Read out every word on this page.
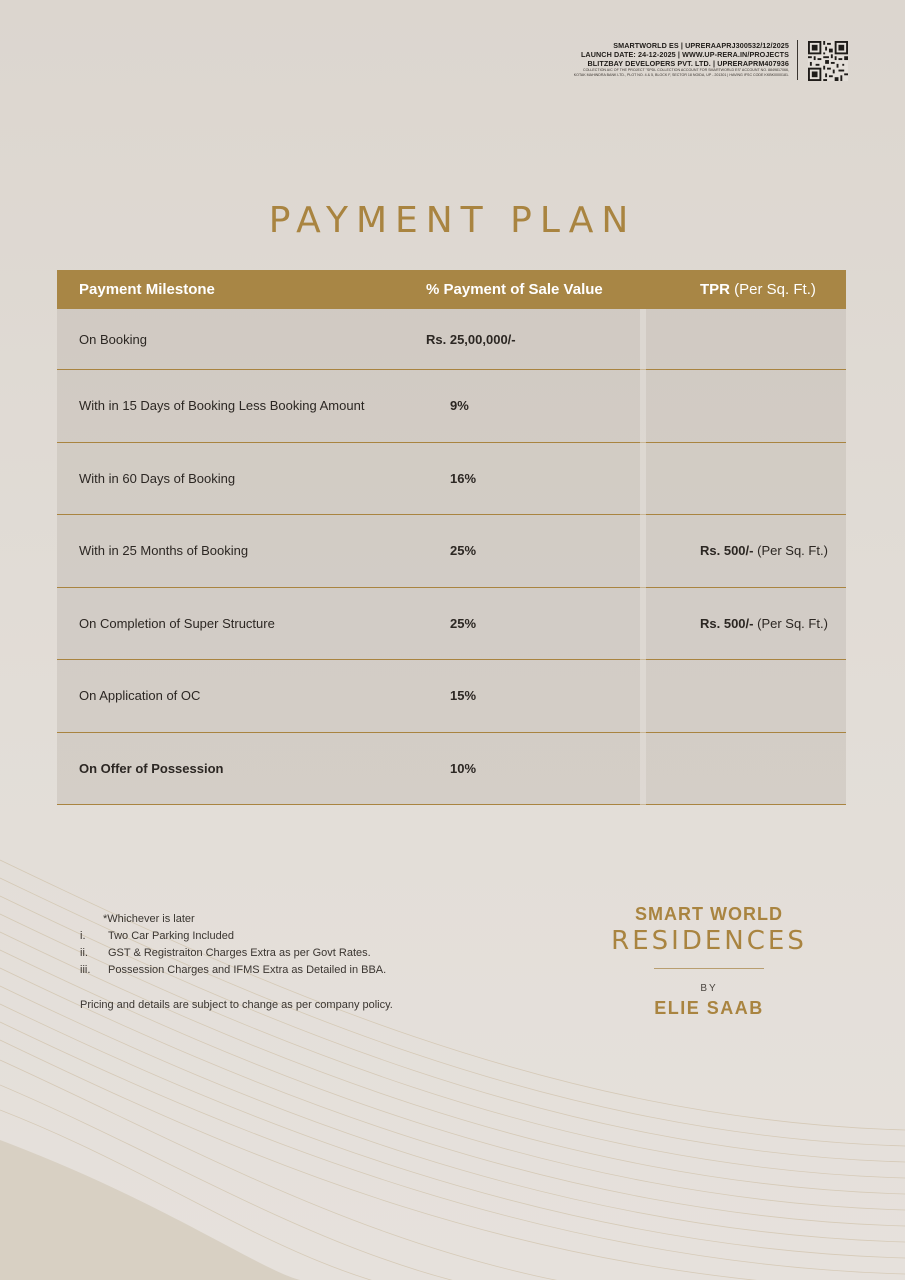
SMARTWORLD ES | UPRERAAPRJ300532/12/2025
LAUNCH DATE: 24-12-2025 | WWW.UP-RERA.IN/PROJECTS
BLITZBAY DEVELOPERS PVT. LTD. | UPRERAPRM407936
COLLECTION A/C OF THE PROJECT "SPDL COLLECTION ACCOUNT FOR SMARTWORLD ES" ACCOUNT NO. 8849817066,
KOTAK MAHINDRA BANK LTD., PLOT NO. 4 & 5, BLOCK F, SECTOR 18 NOIDA, UP - 201301 | HAVING IFSC CODE KKBK0000181.
PAYMENT PLAN
Payment Milestone	% Payment of Sale Value	TPR (Per Sq. Ft.)
On Booking	Rs. 25,00,000/-
With in 15 Days of Booking Less Booking Amount	9%
With in 60 Days of Booking	16%
With in 25 Months of Booking	25%	Rs. 500/- (Per Sq. Ft.)
On Completion of Super Structure	25%	Rs. 500/- (Per Sq. Ft.)
On Application of OC	15%
On Offer of Possession	10%
*Whichever is later
i.	Two Car Parking Included
ii.	GST & Registraiton Charges Extra as per Govt Rates.
iii.	Possession Charges and IFMS Extra as Detailed in BBA.
Pricing and details are subject to change as per company policy.
SMART WORLD
RESIDENCES
BY
ELIE SAAB
